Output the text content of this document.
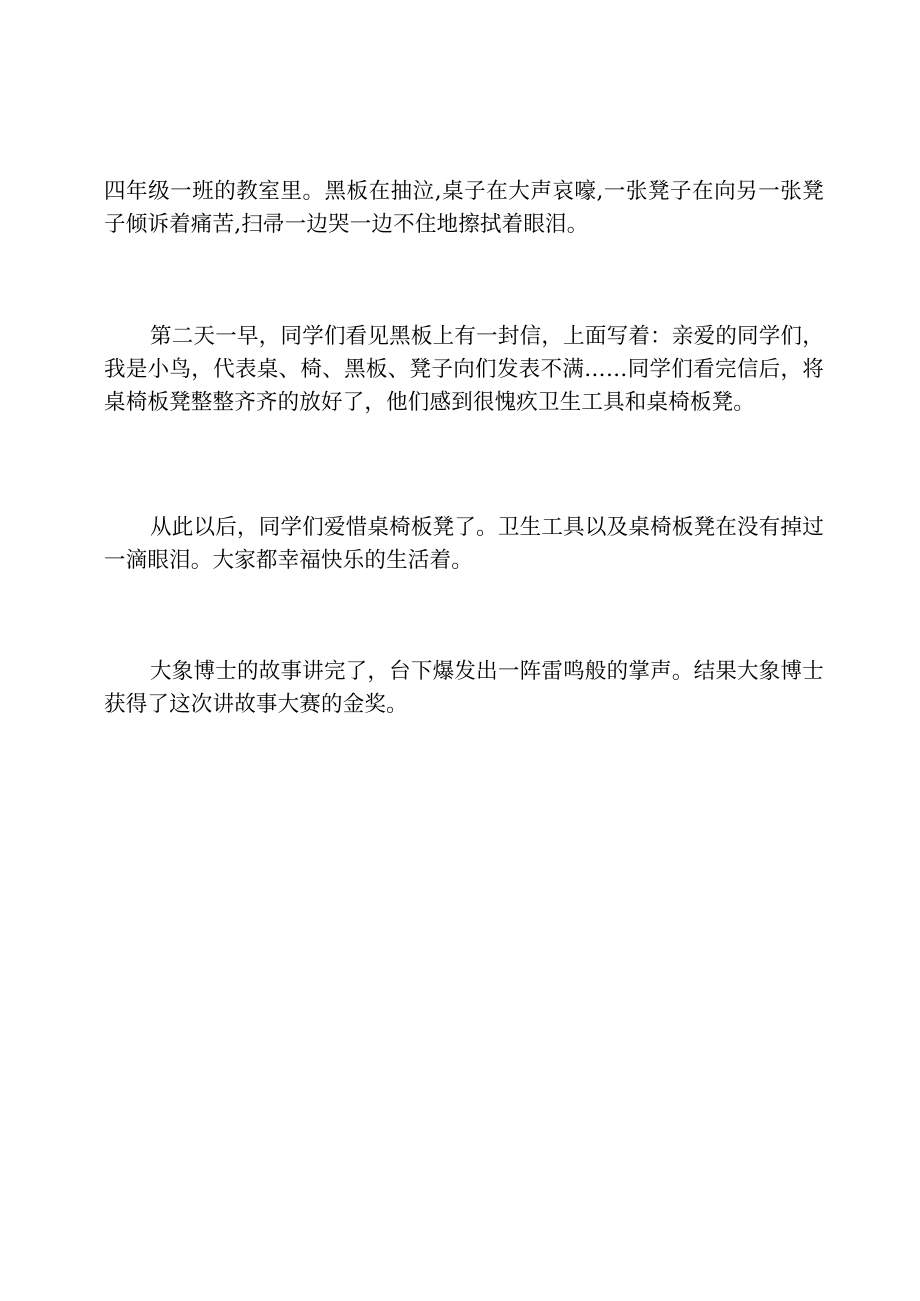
四年级一班的教室里。黑板在抽泣,桌子在大声哀嚎,一张凳子在向另一张凳子倾诉着痛苦,扫帚一边哭一边不住地擦拭着眼泪。

第二天一早，同学们看见黑板上有一封信，上面写着：亲爱的同学们，我是小鸟，代表桌、椅、黑板、凳子向们发表不满……同学们看完信后，将桌椅板凳整整齐齐的放好了，他们感到很愧疚卫生工具和桌椅板凳。

从此以后，同学们爱惜桌椅板凳了。卫生工具以及桌椅板凳在没有掉过一滴眼泪。大家都幸福快乐的生活着。

大象博士的故事讲完了，台下爆发出一阵雷鸣般的掌声。结果大象博士获得了这次讲故事大赛的金奖。
